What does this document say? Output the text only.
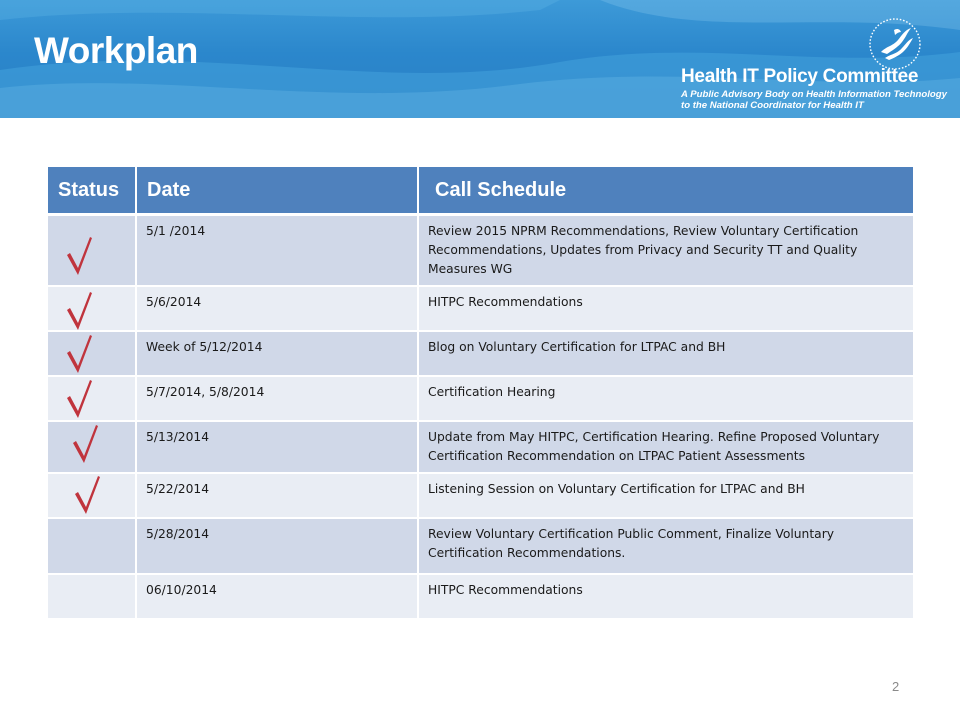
Workplan
Health IT Policy Committee
A Public Advisory Body on Health Information Technology
to the National Coordinator for Health IT
Status	Date	Call Schedule

	5/1 /2014	Review 2015 NPRM Recommendations, Review Voluntary Certification Recommendations, Updates from Privacy and Security TT and Quality Measures WG

	5/6/2014	HITPC Recommendations

	Week of 5/12/2014	Blog on Voluntary Certification for LTPAC and BH

	5/7/2014, 5/8/2014	Certification Hearing

	5/13/2014	Update from May HITPC, Certification Hearing. Refine Proposed Voluntary Certification Recommendation on LTPAC Patient Assessments

	5/22/2014	Listening Session on Voluntary Certification for LTPAC and BH
	5/28/2014	Review Voluntary Certification Public Comment, Finalize Voluntary Certification Recommendations.
	06/10/2014	HITPC Recommendations
2
